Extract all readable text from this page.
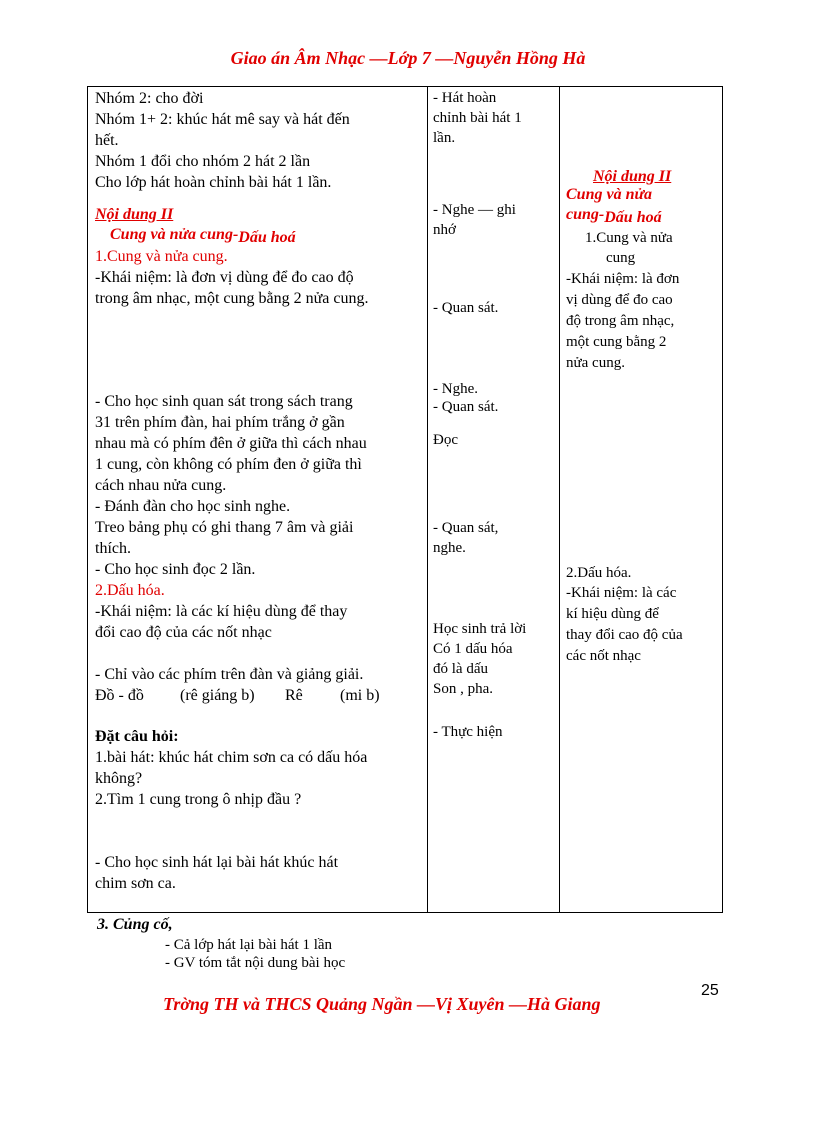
Giao án Âm Nhạc —Lớp 7 —Nguyễn Hồng Hà
Nhóm 2: cho đời
Nhóm 1+ 2: khúc hát mê say và hát đến
hết.
Nhóm 1 đổi cho nhóm 2 hát 2 lần
Cho lớp hát hoàn chỉnh bài hát 1 lần.
Nội dung II
Cung và nửa cung-Dấu hoá
1.Cung và nửa cung.
-Khái niệm: là đơn vị dùng để đo cao độ
trong âm nhạc, một cung bằng 2 nửa cung.
- Cho học sinh quan sát trong sách trang
31 trên phím đàn, hai phím trắng ở gần
nhau mà có phím đên ở giữa thì cách nhau
1 cung, còn không có phím đen ở giữa thì
cách nhau nửa cung.
- Đánh đàn cho học sinh nghe.
Treo bảng phụ có ghi thang 7 âm và giải
thích.
- Cho học sinh đọc 2 lần.
2.Dấu hóa.
-Khái niệm: là các kí hiệu dùng để thay
đổi cao độ của các nốt nhạc
- Chỉ vào các phím trên đàn và giảng giải.
Đồ - đồ (rê giáng b) Rê (mi b)
Đặt câu hỏi:
1.bài hát: khúc hát chim sơn ca có dấu hóa
không?
2.Tìm 1 cung trong ô nhịp đầu ?
- Cho học sinh hát lại bài hát khúc hát
chim sơn ca.
- Hát hoàn
chỉnh bài hát 1
lần.
- Nghe — ghi
nhớ
- Quan sát.
- Nghe.
- Quan sát.
Đọc
- Quan sát,
nghe.
Học sinh trả lời
Có 1 dấu hóa
đó là dấu
Son , pha.
- Thực hiện
Nội dung II
Cung và nửa
cung-Dấu hoá
1.Cung và nửa
cung
-Khái niệm: là đơn
vị dùng để đo cao
độ trong âm nhạc,
một cung bằng 2
nửa cung.
2.Dấu hóa.
-Khái niệm: là các
kí hiệu dùng để
thay đổi cao độ của
các nốt nhạc
3. Củng cố,
- Cả lớp hát lại bài hát 1 lần
- GV tóm tắt nội dung bài học
25
Trờng TH và THCS Quảng Ngần —Vị Xuyên —Hà Giang
